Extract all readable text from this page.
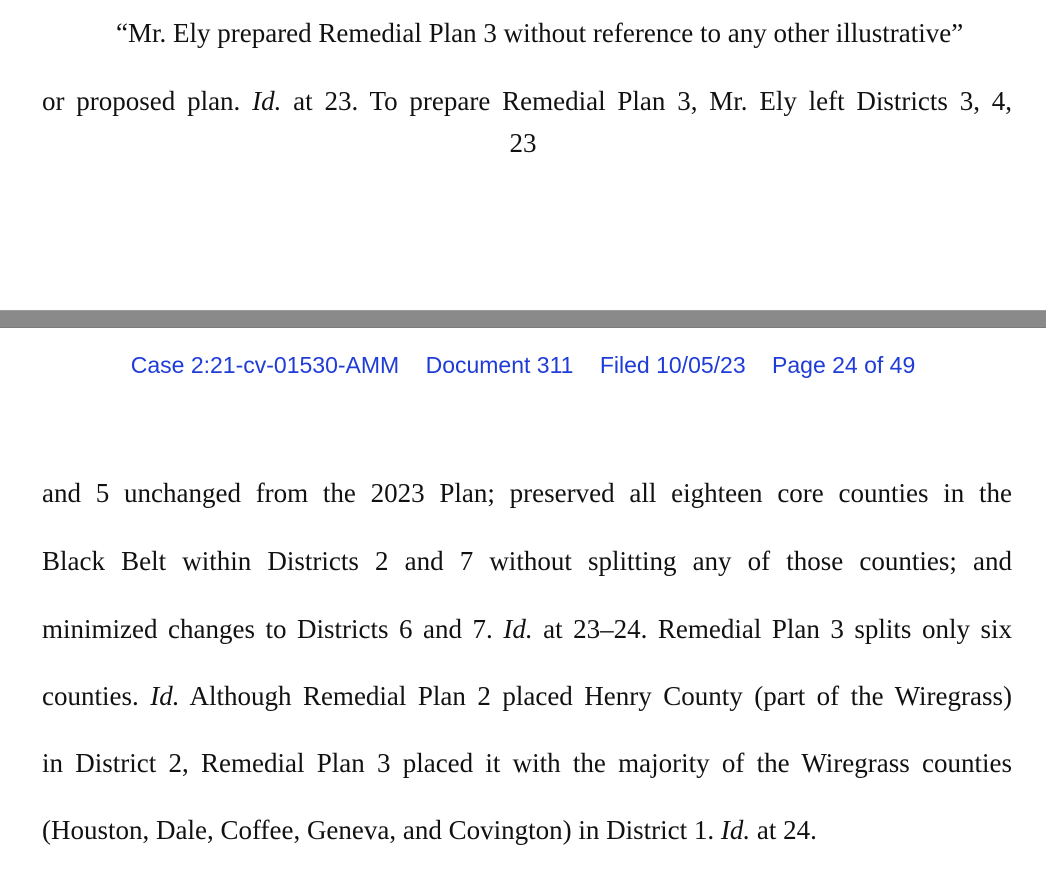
“Mr. Ely prepared Remedial Plan 3 without reference to any other illustrative”
or proposed plan. Id. at 23. To prepare Remedial Plan 3, Mr. Ely left Districts 3, 4,
23
Case 2:21-cv-01530-AMM Document 311 Filed 10/05/23 Page 24 of 49
and 5 unchanged from the 2023 Plan; preserved all eighteen core counties in the
Black Belt within Districts 2 and 7 without splitting any of those counties; and
minimized changes to Districts 6 and 7. Id. at 23–24. Remedial Plan 3 splits only six
counties. Id. Although Remedial Plan 2 placed Henry County (part of the Wiregrass)
in District 2, Remedial Plan 3 placed it with the majority of the Wiregrass counties
(Houston, Dale, Coffee, Geneva, and Covington) in District 1. Id. at 24.
